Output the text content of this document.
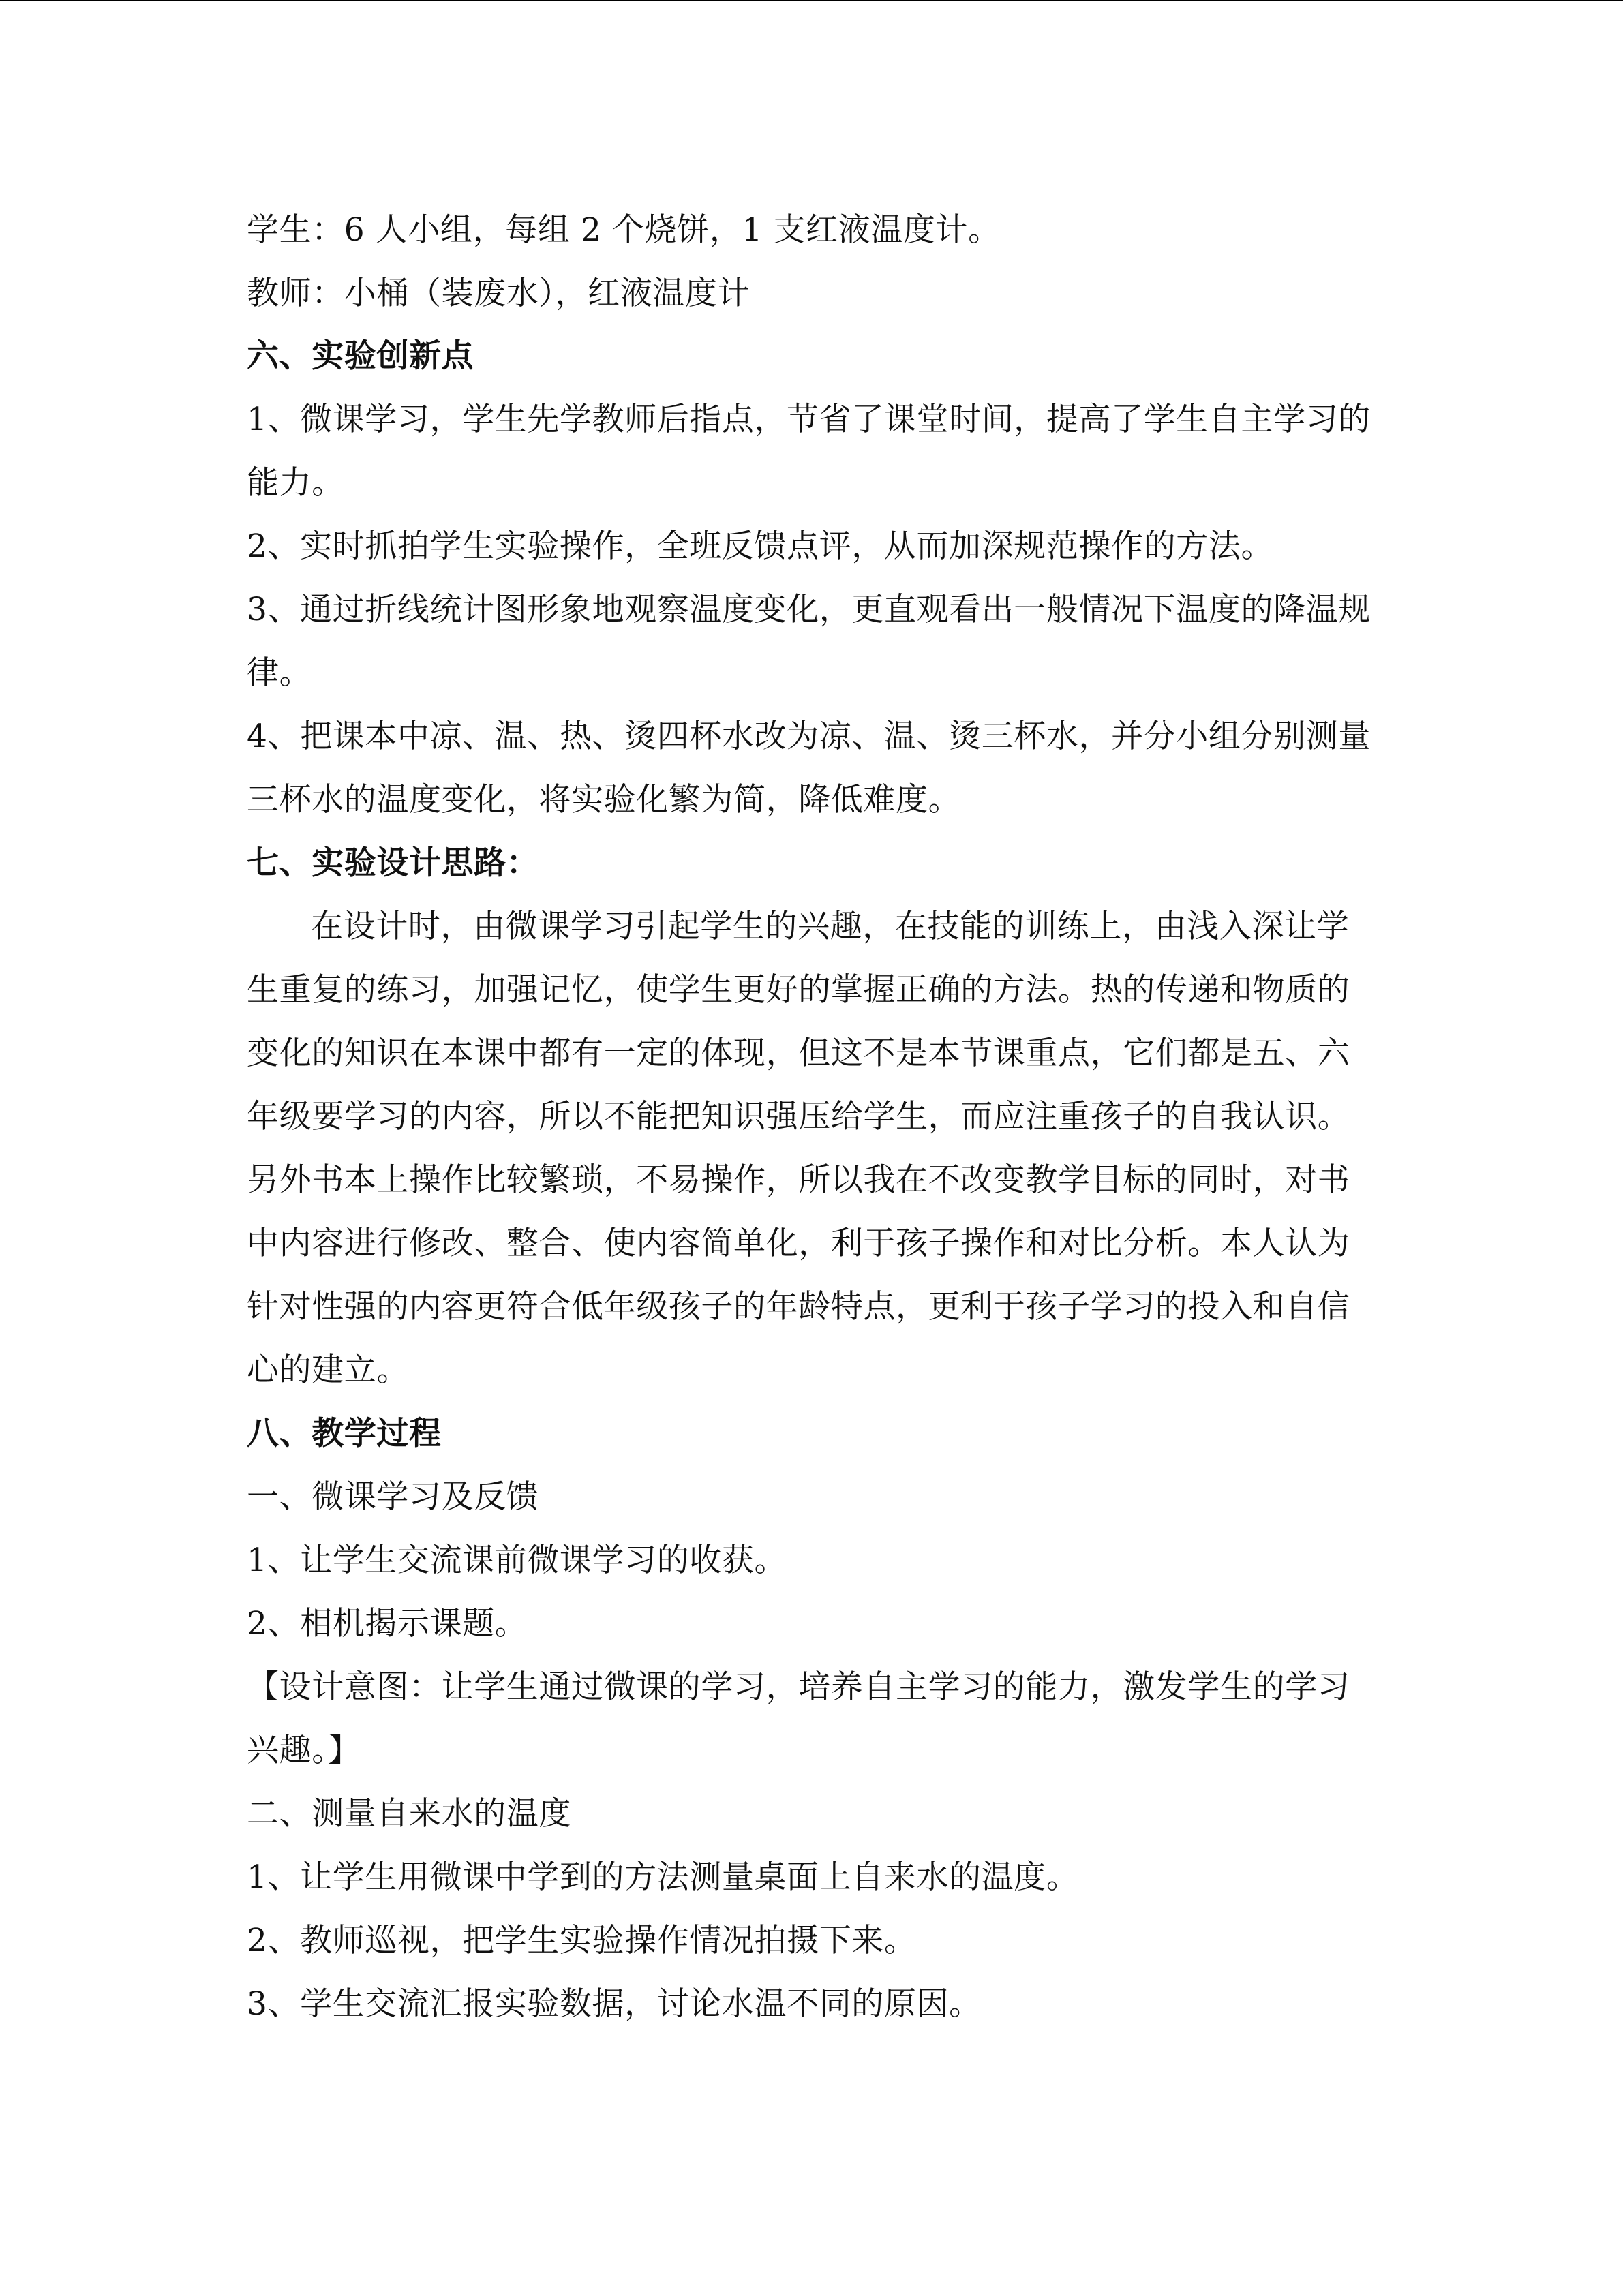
学生：6 人小组，每组 2 个烧饼，1 支红液温度计。
教师：小桶（装废水），红液温度计
六、实验创新点
1、微课学习，学生先学教师后指点，节省了课堂时间，提高了学生自主学习的
能力。
2、实时抓拍学生实验操作，全班反馈点评，从而加深规范操作的方法。
3、通过折线统计图形象地观察温度变化，更直观看出一般情况下温度的降温规
律。
4、把课本中凉、温、热、烫四杯水改为凉、温、烫三杯水，并分小组分别测量
三杯水的温度变化，将实验化繁为简，降低难度。
七、实验设计思路：
在设计时，由微课学习引起学生的兴趣，在技能的训练上，由浅入深让学
生重复的练习，加强记忆，使学生更好的掌握正确的方法。热的传递和物质的
变化的知识在本课中都有一定的体现，但这不是本节课重点，它们都是五、六
年级要学习的内容，所以不能把知识强压给学生，而应注重孩子的自我认识。
另外书本上操作比较繁琐，不易操作，所以我在不改变教学目标的同时，对书
中内容进行修改、整合、使内容简单化，利于孩子操作和对比分析。本人认为
针对性强的内容更符合低年级孩子的年龄特点，更利于孩子学习的投入和自信
心的建立。
八、教学过程
一、微课学习及反馈
1、让学生交流课前微课学习的收获。
2、相机揭示课题。
【设计意图：让学生通过微课的学习，培养自主学习的能力，激发学生的学习
兴趣。】
二、测量自来水的温度
1、让学生用微课中学到的方法测量桌面上自来水的温度。
2、教师巡视，把学生实验操作情况拍摄下来。
3、学生交流汇报实验数据，讨论水温不同的原因。
